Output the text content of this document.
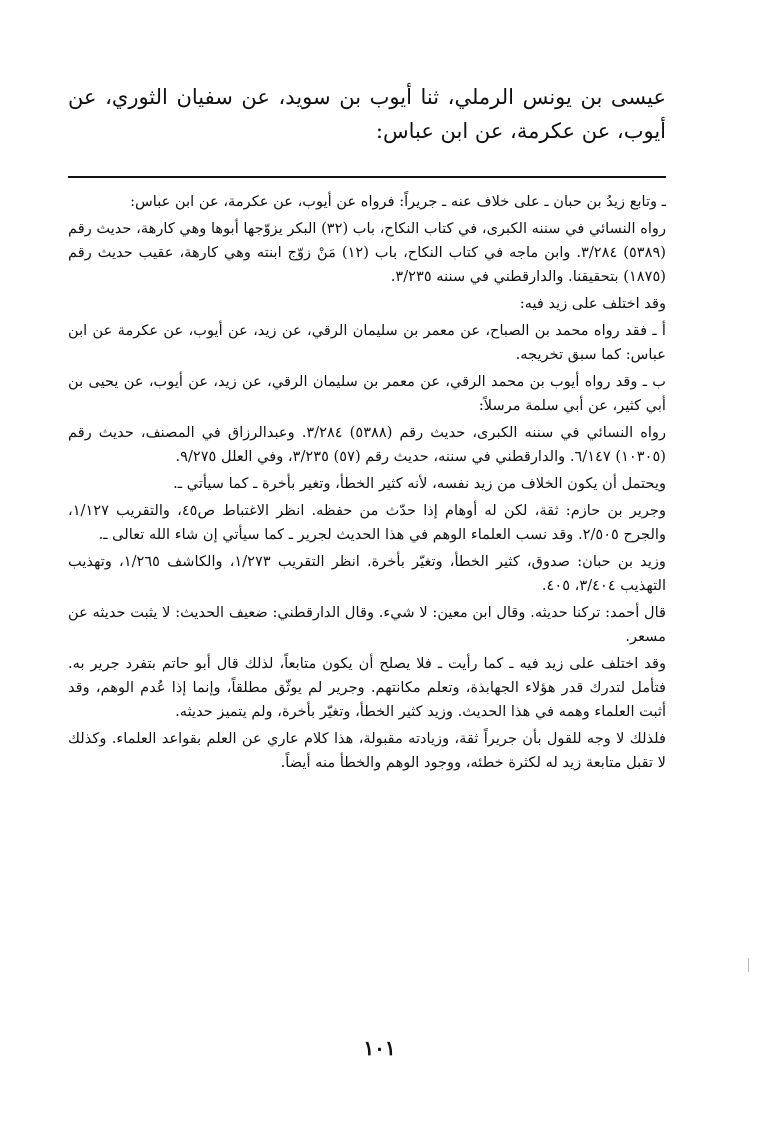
عيسى بن يونس الرملي، ثنا أيوب بن سويد، عن سفيان الثوري، عن أيوب، عن عكرمة، عن ابن عباس:

ـ وتابع زيدُ بن حبان ـ على خلاف عنه ـ جريراً: فرواه عن أيوب، عن عكرمة، عن ابن عباس:

رواه النسائي في سننه الكبرى، في كتاب النكاح، باب (٣٢) البكر يزوّجها أبوها وهي كارهة، حديث رقم (٥٣٨٩) ٣/٢٨٤. وابن ماجه في كتاب النكاح، باب (١٢) مَنْ زوّج ابنته وهي كارهة، عقيب حديث رقم (١٨٧٥) بتحقيقنا. والدارقطني في سننه ٣/٢٣٥.

وقد اختلف على زيد فيه:

أ ـ فقد رواه محمد بن الصباح، عن معمر بن سليمان الرقي، عن زيد، عن أيوب، عن عكرمة عن ابن عباس: كما سبق تخريجه.

ب ـ وقد رواه أيوب بن محمد الرقي، عن معمر بن سليمان الرقي، عن زيد، عن أيوب، عن يحيى بن أبي كثير، عن أبي سلمة مرسلاً:

رواه النسائي في سننه الكبرى، حديث رقم (٥٣٨٨) ٣/٢٨٤. وعبدالرزاق في المصنف، حديث رقم (١٠٣٠٥) ٦/١٤٧. والدارقطني في سننه، حديث رقم (٥٧) ٣/٢٣٥، وفي العلل ٩/٢٧٥.

ويحتمل أن يكون الخلاف من زيد نفسه، لأنه كثير الخطأ، وتغير بأخرة ـ كما سيأتي ـ.

وجرير بن حازم: ثقة، لكن له أوهام إذا حدّث من حفظه. انظر الاغتباط ص٤٥، والتقريب ١/١٢٧، والجرح ٢/٥٠٥. وقد نسب العلماء الوهم في هذا الحديث لجرير ـ كما سيأتي إن شاء الله تعالى ـ.

وزيد بن حبان: صدوق، كثير الخطأ، وتغيّر بأخرة. انظر التقريب ١/٢٧٣، والكاشف ١/٢٦٥، وتهذيب التهذيب ٣/٤٠٤، ٤٠٥.

قال أحمد: تركنا حديثه. وقال ابن معين: لا شيء. وقال الدارقطني: ضعيف الحديث: لا يثبت حديثه عن مسعر.

وقد اختلف على زيد فيه ـ كما رأيت ـ فلا يصلح أن يكون متابعاً، لذلك قال أبو حاتم بتفرد جرير به. فتأمل لتدرك قدر هؤلاء الجهابذة، وتعلم مكانتهم. وجرير لم يوثّق مطلقاً، وإنما إذا عُدم الوهم، وقد أثبت العلماء وهمه في هذا الحديث. وزيد كثير الخطأ، وتغيّر بأخرة، ولم يتميز حديثه.

فلذلك لا وجه للقول بأن جريراً ثقة، وزيادته مقبولة، هذا كلام عاري عن العلم بقواعد العلماء. وكذلك لا تقبل متابعة زيد له لكثرة خطئه، ووجود الوهم والخطأ منه أيضاً.

١٠١
